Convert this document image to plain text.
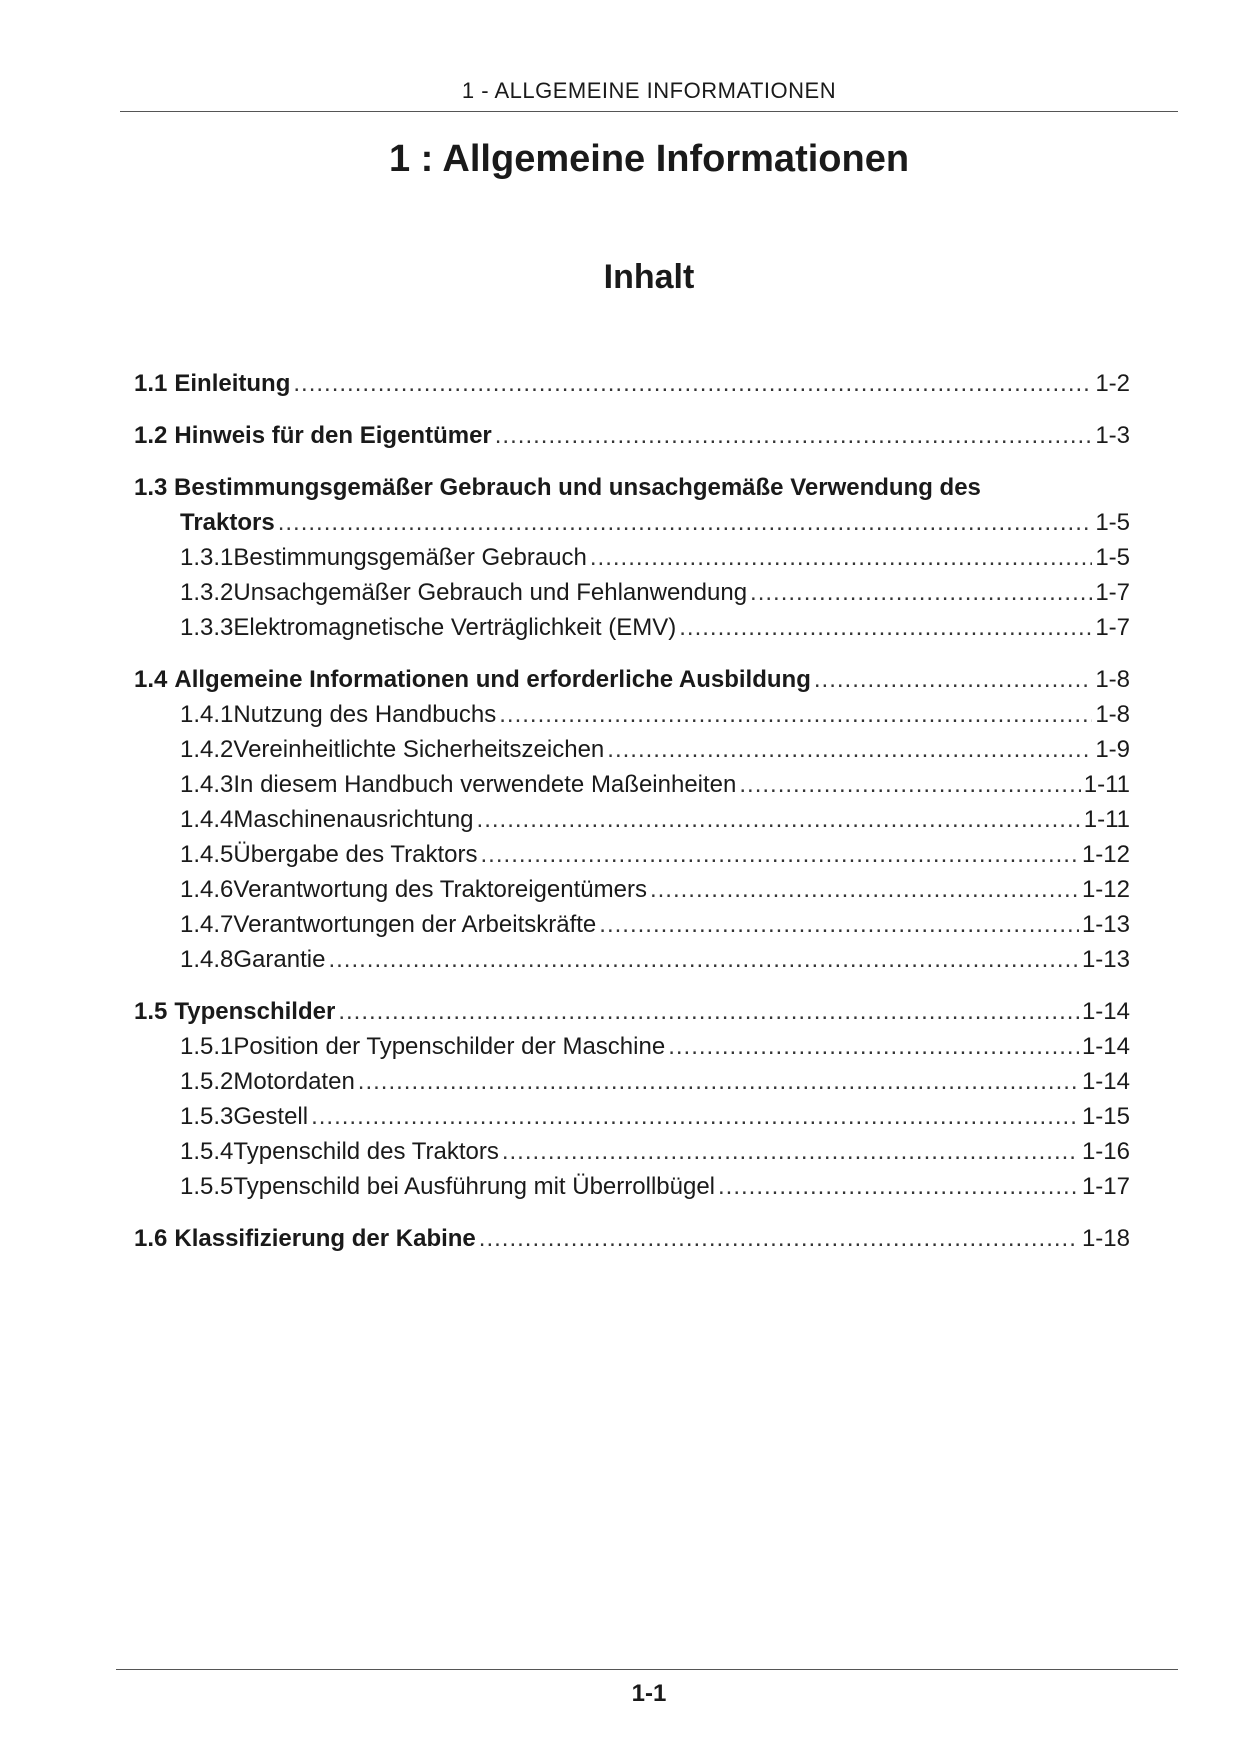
1 - ALLGEMEINE INFORMATIONEN
1 : Allgemeine Informationen
Inhalt
1.1 Einleitung .....	1-2
1.2 Hinweis für den Eigentümer .....	1-3
1.3 Bestimmungsgemäßer Gebrauch und unsachgemäße Verwendung des
Traktors .....	1-5
1.3.1 Bestimmungsgemäßer Gebrauch .....	1-5
1.3.2 Unsachgemäßer Gebrauch und Fehlanwendung .....	1-7
1.3.3 Elektromagnetische Verträglichkeit (EMV) .....	1-7
1.4 Allgemeine Informationen und erforderliche Ausbildung .....	1-8
1.4.1 Nutzung des Handbuchs .....	1-8
1.4.2 Vereinheitlichte Sicherheitszeichen .....	1-9
1.4.3 In diesem Handbuch verwendete Maßeinheiten .....	1-11
1.4.4 Maschinenausrichtung .....	1-11
1.4.5 Übergabe des Traktors .....	1-12
1.4.6 Verantwortung des Traktoreigentümers .....	1-12
1.4.7 Verantwortungen der Arbeitskräfte .....	1-13
1.4.8 Garantie .....	1-13
1.5 Typenschilder .....	1-14
1.5.1 Position der Typenschilder der Maschine .....	1-14
1.5.2 Motordaten .....	1-14
1.5.3 Gestell .....	1-15
1.5.4 Typenschild des Traktors .....	1-16
1.5.5 Typenschild bei Ausführung mit Überrollbügel .....	1-17
1.6 Klassifizierung der Kabine .....	1-18
1-1
